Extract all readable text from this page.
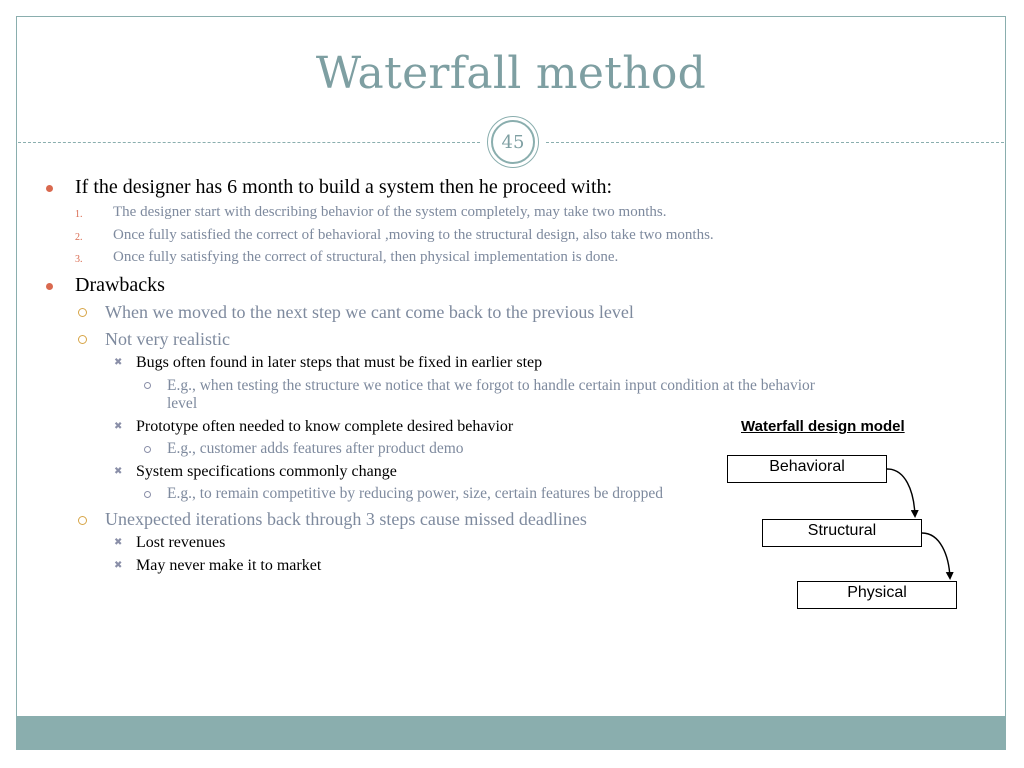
Waterfall method
45
If the designer has 6 month to build a system then he proceed with:
1. The designer start with describing behavior of the system completely, may take two months.
2. Once fully satisfied the correct of behavioral ,moving to the structural design, also take two months.
3. Once fully satisfying the correct of structural, then physical implementation is done.
Drawbacks
When we moved to the next step we cant come back to the previous level
Not very realistic
✖ Bugs often found in later steps that must be fixed in earlier step
E.g., when testing the structure we notice that we forgot to handle certain input condition at the behavior
level
✖ Prototype often needed to know complete desired behavior
E.g., customer adds features after product demo
✖ System specifications commonly change
E.g., to remain competitive by reducing power, size, certain features be dropped
Unexpected iterations back through 3 steps cause missed deadlines
✖ Lost revenues
✖ May never make it to market
Waterfall design model
Behavioral
Structural
Physical
